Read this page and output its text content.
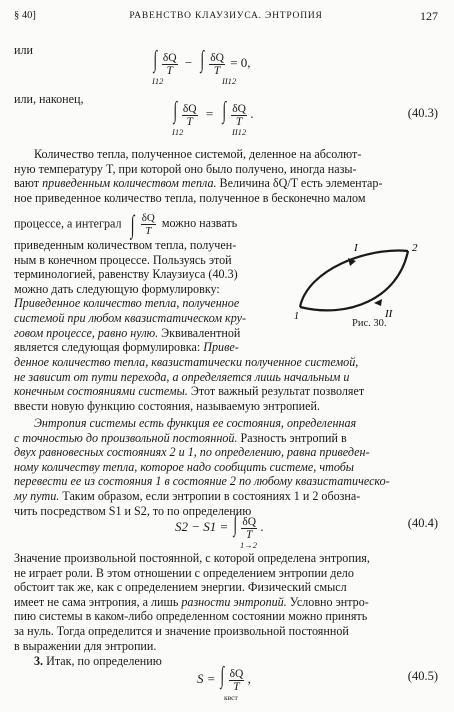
§ 40]	РАВЕНСТВО КЛАУЗИУСА. ЭНТРОПИЯ	127
или	∫ $\frac{\delta Q}{T}$ − ∫ $\frac{\delta Q}{T} = 0$,
I12	II12
или, наконец,	∫ $\frac{\delta Q}{T}$ = ∫ $\frac{\delta Q}{T}$ .
I12	II12
(40.3)

Количество тепла, полученное системой, деленное на абсолют-

ную температуру T, при которой оно было получено, иногда назы-

вают приведенным количеством тепла. Величина δQ/T есть элементар-

ное приведенное количество тепла, полученное в бесконечно малом

процессе, а интеграл ∫ $\frac{\delta Q}{T}$ можно назвать

приведенным количеством тепла, получен-

ным в конечном процессе. Пользуясь этой

терминологией, равенству Клаузиуса (40.3)

можно дать следующую формулировку:

Приведенное количество тепла, полученное

системой при любом квазистатическом кру-

говом процессе, равно нулю. Эквивалентной

является следующая формулировка: Приве-

1
2
I
II
Рис. 30.

денное количество тепла, квазистатически полученное системой,

не зависит от пути перехода, а определяется лишь начальным и

конечным состояниями системы. Этот важный результат позволяет

ввести новую функцию состояния, называемую энтропией.

Энтропия системы есть функция ее состояния, определенная

с точностью до произвольной постоянной. Разность энтропий в

двух равновесных состояниях 2 и 1, по определению, равна приведен-

ному количеству тепла, которое надо сообщить системе, чтобы

перевести ее из состояния 1 в состояние 2 по любому квазистатическо-

му пути. Таким образом, если энтропии в состояниях 1 и 2 обозна-

чить посредством S1 и S2, то по определению

S2 − S1 = ∫ $\frac{\delta Q}{T}$ .
1→2
(40.4)

Значение произвольной постоянной, с которой определена энтропия,

не играет роли. В этом отношении с определением энтропии дело

обстоит так же, как с определением энергии. Физический смысл

имеет не сама энтропия, а лишь разности энтропий. Условно энтро-

пию системы в каком-либо определенном состоянии можно принять

за нуль. Тогда определится и значение произвольной постоянной

в выражении для энтропии.

3. Итак, по определению
S = ∫ $\frac{\delta Q}{T}$ ,
квст
(40.5)
